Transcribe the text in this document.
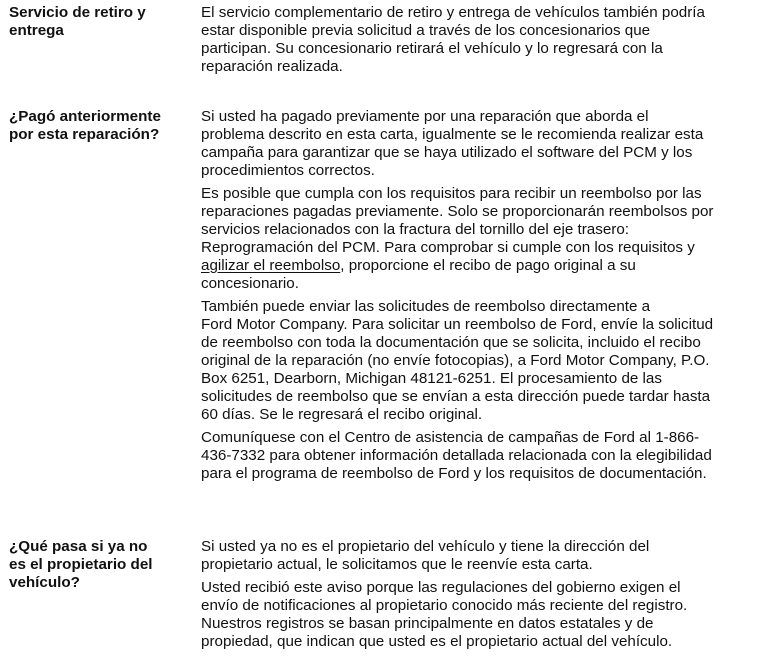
Servicio de retiro y
entrega

El servicio complementario de retiro y entrega de vehículos también podría
estar disponible previa solicitud a través de los concesionarios que
participan. Su concesionario retirará el vehículo y lo regresará con la
reparación realizada.

¿Pagó anteriormente
por esta reparación?

Si usted ha pagado previamente por una reparación que aborda el
problema descrito en esta carta, igualmente se le recomienda realizar esta
campaña para garantizar que se haya utilizado el software del PCM y los
procedimientos correctos.

Es posible que cumpla con los requisitos para recibir un reembolso por las
reparaciones pagadas previamente. Solo se proporcionarán reembolsos por
servicios relacionados con la fractura del tornillo del eje trasero:
Reprogramación del PCM. Para comprobar si cumple con los requisitos y
agilizar el reembolso, proporcione el recibo de pago original a su
concesionario.

También puede enviar las solicitudes de reembolso directamente a
Ford Motor Company. Para solicitar un reembolso de Ford, envíe la solicitud
de reembolso con toda la documentación que se solicita, incluido el recibo
original de la reparación (no envíe fotocopias), a Ford Motor Company, P.O.
Box 6251, Dearborn, Michigan 48121-6251. El procesamiento de las
solicitudes de reembolso que se envían a esta dirección puede tardar hasta
60 días. Se le regresará el recibo original.

Comuníquese con el Centro de asistencia de campañas de Ford al 1-866-
436-7332 para obtener información detallada relacionada con la elegibilidad
para el programa de reembolso de Ford y los requisitos de documentación.

¿Qué pasa si ya no
es el propietario del
vehículo?

Si usted ya no es el propietario del vehículo y tiene la dirección del
propietario actual, le solicitamos que le reenvíe esta carta.

Usted recibió este aviso porque las regulaciones del gobierno exigen el
envío de notificaciones al propietario conocido más reciente del registro.
Nuestros registros se basan principalmente en datos estatales y de
propiedad, que indican que usted es el propietario actual del vehículo.
